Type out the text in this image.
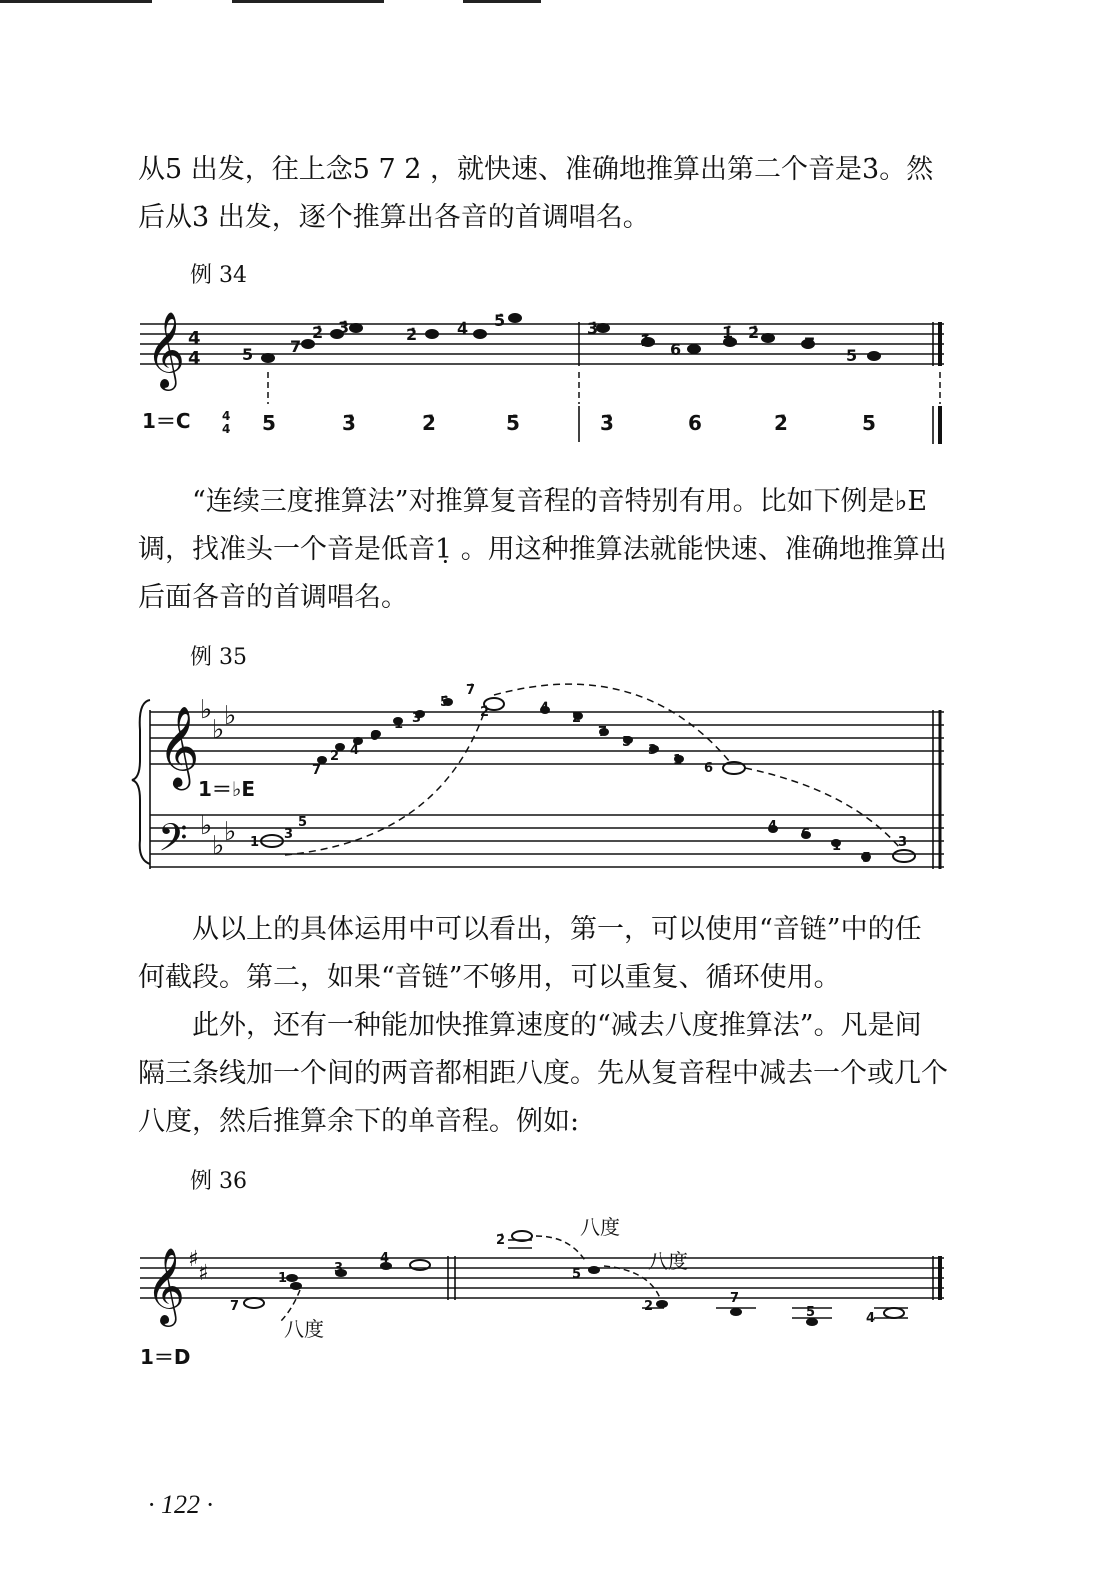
从5 出发，往上念5 7 2̇ ，就快速、准确地推算出第二个音是3̇。然后从3̇ 出发，逐个推算出各音的首调唱名。

例 34
𝄞 4
4	5 7
2̇ 3̇	2̇ 4̇ 5̇	3̇
1̇ 6
1̇ 2̇
7
5
1＝C	4
4 5	3̇	2̇	5̇	3̇	6	2̇	5

“连续三度推算法”对推算复音程的音特别有用。比如下例是♭E 调，找准头一个音是低音1̣ 。用这种推算法就能快速、准确地推算出后面各音的首调唱名。

例 35
𝄞
𝄢
♭
♭ ♭
♭
♭ ♭
1＝♭E
7
2 4
6
1̇ 3̇
5̇
7̇
2̇	4̇
2̇
7
5
3
1
6
1
3
5	4
6
1
5
3

从以上的具体运用中可以看出，第一，可以使用“音链”中的任何截段。第二，如果“音链”不够用，可以重复、循环使用。

此外，还有一种能加快推算速度的“减去八度推算法”。凡是间隔三条线加一个间的两音都相距八度。先从复音程中减去一个或几个八度，然后推算余下的单音程。例如:

例 36
𝄞 ♯
♯
7
1
3
4
2̇
5
2
7
5	4
八度
八度
八度
1＝D
· 122 ·
